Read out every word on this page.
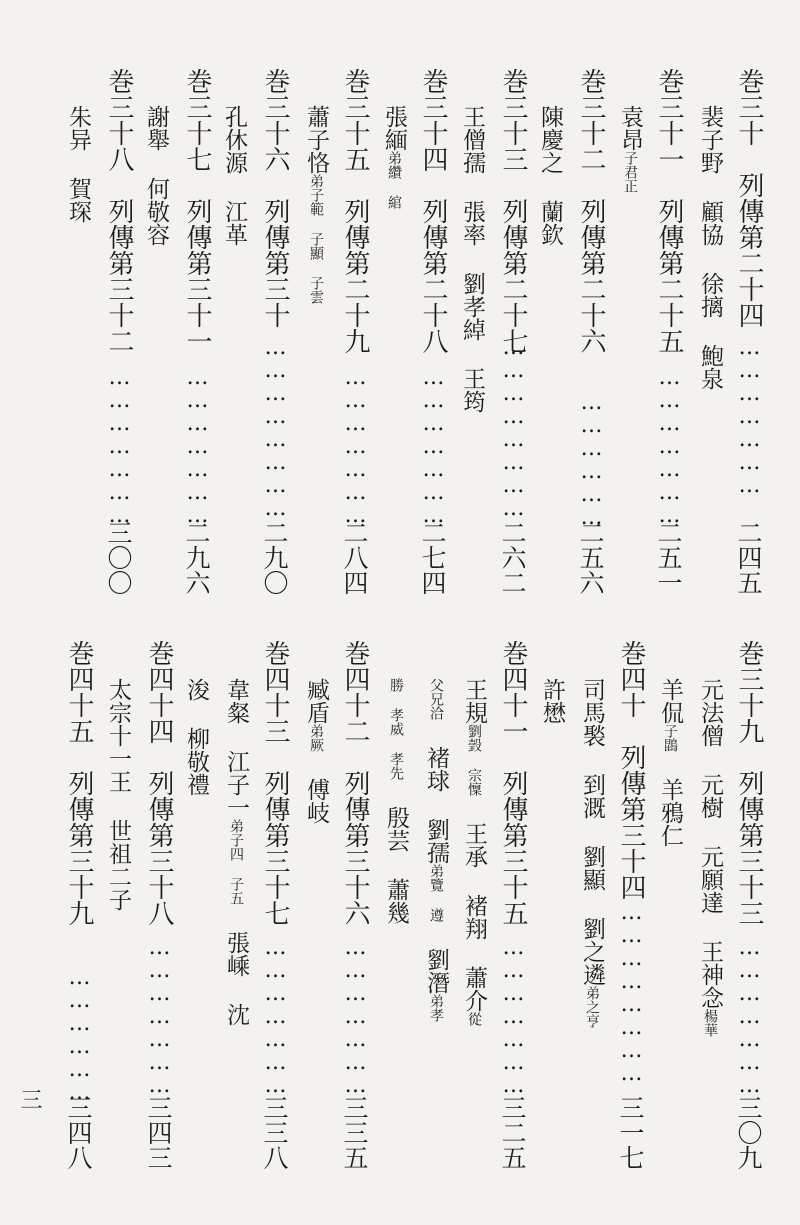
巻三十　列傳第二十四
…………………
二四五
裴子野 顧協 徐摛 鮑泉
巻三十一　列傳第二十五
…………………
二五一
袁昂子君正
巻三十二　列傳第二十六
………………
二五六
陳慶之 蘭欽
巻三十三　列傳第二十七
……………………
二六二
王僧孺 張率 劉孝綽 王筠
巻三十四　列傳第二十八
…………………
二七四
張緬弟纘 綰
巻三十五　列傳第二十九
…………………
二八四
蕭子恪弟子範 子顯 子雲
巻三十六　列傳第三十
……………………
二九〇
孔休源 江革
巻三十七　列傳第三十一
…………………
二九六
謝舉 何敬容
巻三十八　列傳第三十二
…………………
三〇〇
朱异 賀琛
巻三十九　列傳第三十三
…………………
三〇九
元法僧 元樹 元願達 王神念楊華
羊侃子鵾 羊鴉仁
巻四十　列傳第三十四
……………………
三一七
司馬褧 到溉 劉顯 劉之遴弟之亨
許懋
巻四十一　列傳第三十五
…………………
三二五
王規劉瑴 宗懍 王承 褚翔 蕭介從
父兄洽 褚球 劉孺弟覽 遵 劉潛弟孝
勝 孝威 孝先 殷芸 蕭幾
巻四十二　列傳第三十六
…………………
三三五
臧盾弟厥 傅岐
巻四十三　列傳第三十七
…………………
三三八
韋粲 江子一弟子四 子五 張嵊 沈
浚 柳敬禮
巻四十四　列傳第三十八
…………………
三四三
巻四十五　列傳第三十九
………………
三四八
太宗十一王 世祖二子
三
